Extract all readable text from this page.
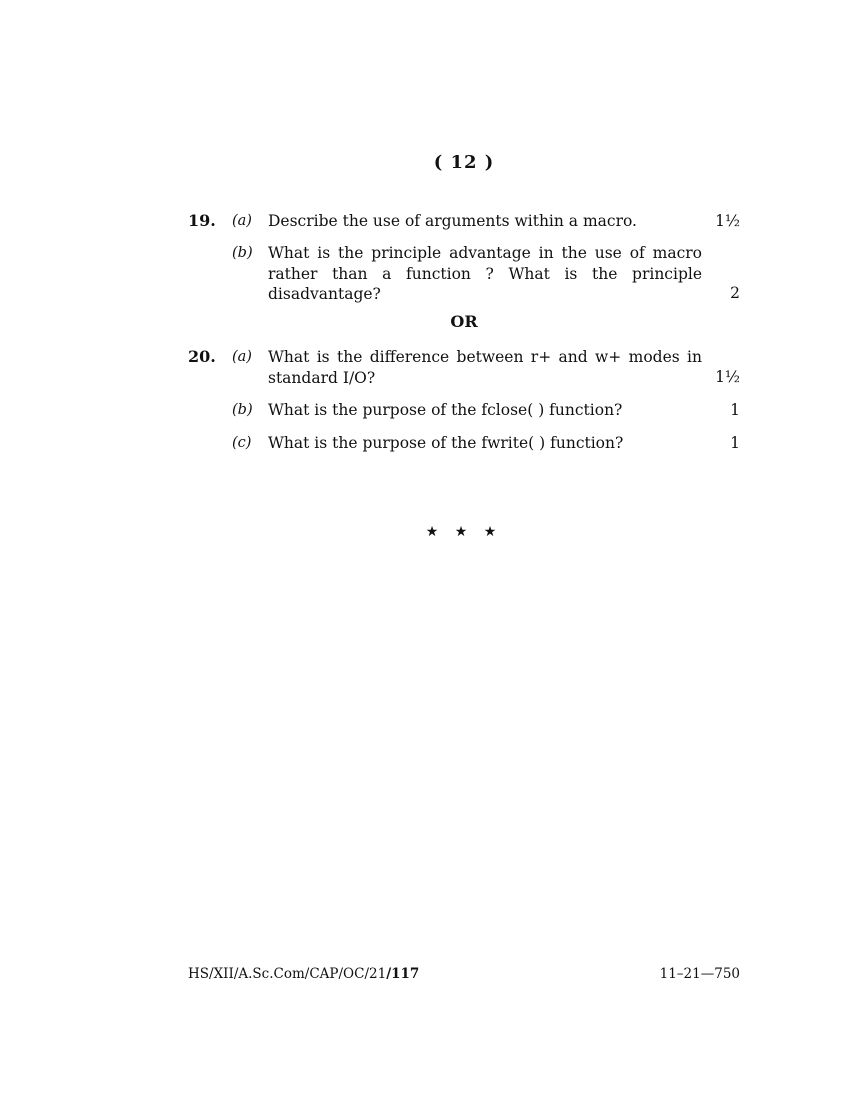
( 12 )
19. (a) Describe the use of arguments within a macro.	1½
(b) What is the principle advantage in the use of macro rather than a function ? What is the principle disadvantage?	2
OR
20. (a) What is the difference between r+ and w+ modes in standard I/O?	1½
(b) What is the purpose of the fclose( ) function?	1
(c) What is the purpose of the fwrite( ) function?	1
★ ★ ★
HS/XII/A.Sc.Com/CAP/OC/21/117	11–21—750
